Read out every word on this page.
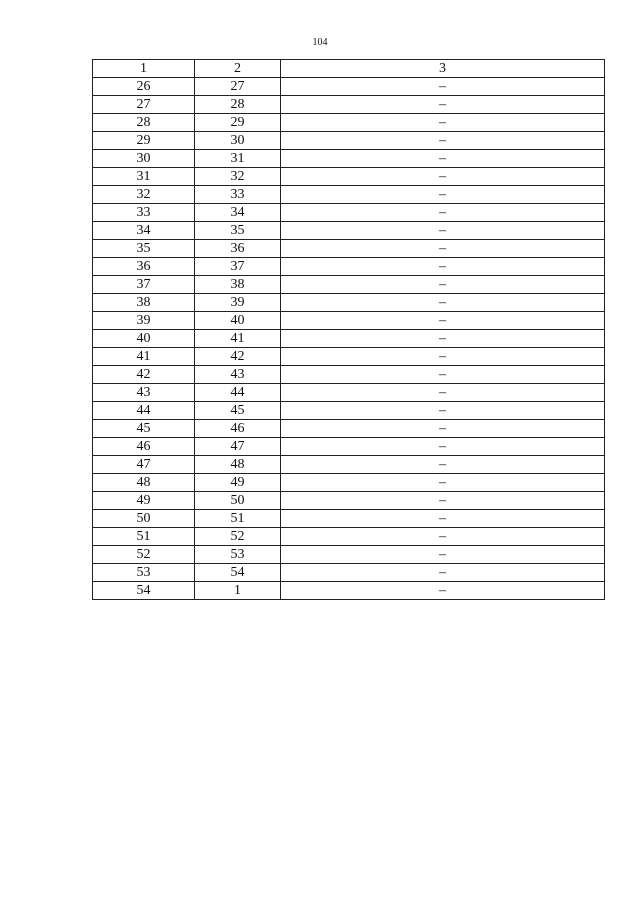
104
1	2	3
26	27	–
27	28	–
28	29	–
29	30	–
30	31	–
31	32	–
32	33	–
33	34	–
34	35	–
35	36	–
36	37	–
37	38	–
38	39	–
39	40	–
40	41	–
41	42	–
42	43	–
43	44	–
44	45	–
45	46	–
46	47	–
47	48	–
48	49	–
49	50	–
50	51	–
51	52	–
52	53	–
53	54	–
54	1	–
